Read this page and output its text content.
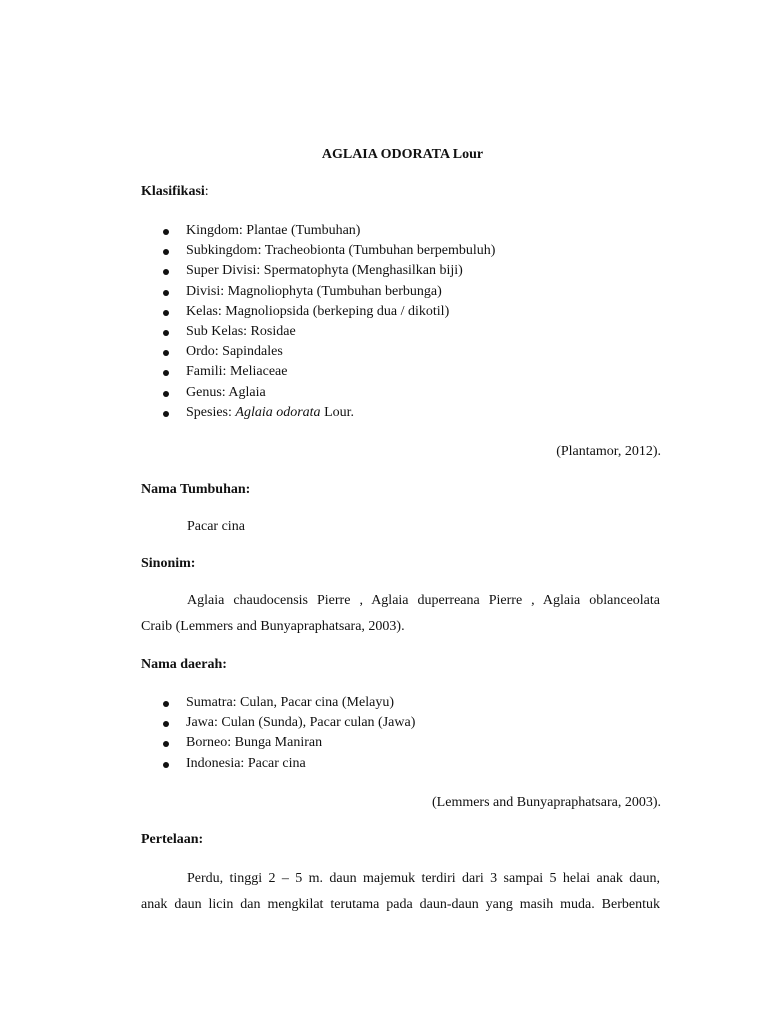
AGLAIA ODORATA Lour
Klasifikasi:
Kingdom: Plantae (Tumbuhan)
Subkingdom: Tracheobionta (Tumbuhan berpembuluh)
Super Divisi: Spermatophyta (Menghasilkan biji)
Divisi: Magnoliophyta (Tumbuhan berbunga)
Kelas: Magnoliopsida (berkeping dua / dikotil)
Sub Kelas: Rosidae
Ordo: Sapindales
Famili: Meliaceae
Genus: Aglaia
Spesies: Aglaia odorata Lour.
(Plantamor, 2012).
Nama Tumbuhan:
Pacar cina
Sinonim:
Aglaia chaudocensis Pierre , Aglaia duperreana Pierre , Aglaia oblanceolata
Craib (Lemmers and Bunyapraphatsara, 2003).
Nama daerah:
Sumatra: Culan, Pacar cina (Melayu)
Jawa: Culan (Sunda), Pacar culan (Jawa)
Borneo: Bunga Maniran
Indonesia: Pacar cina
(Lemmers and Bunyapraphatsara, 2003).
Pertelaan:
Perdu, tinggi 2 – 5 m. daun majemuk terdiri dari 3 sampai 5 helai anak daun,
anak daun licin dan mengkilat terutama pada daun-daun yang masih muda. Berbentuk
